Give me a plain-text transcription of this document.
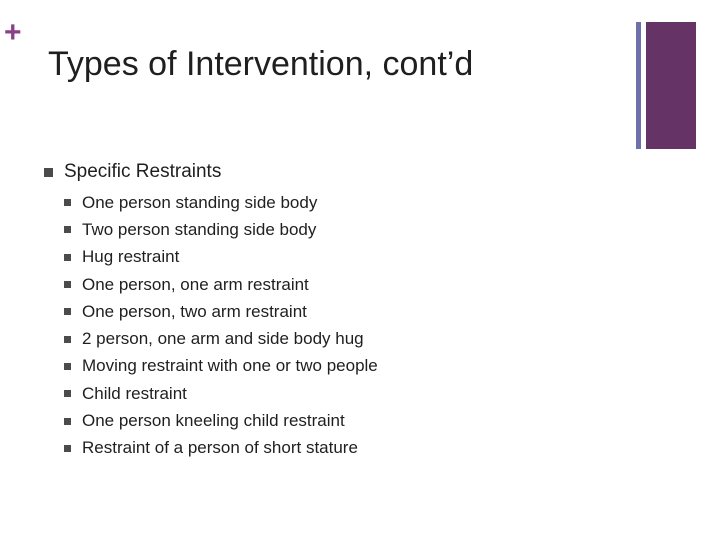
+
Types of Intervention, cont’d
Specific Restraints
One person standing side body
Two person standing side body
Hug restraint
One person, one arm restraint
One person, two arm restraint
2 person, one arm and side body hug
Moving restraint with one or two people
Child restraint
One person kneeling child restraint
Restraint of a person of short stature
